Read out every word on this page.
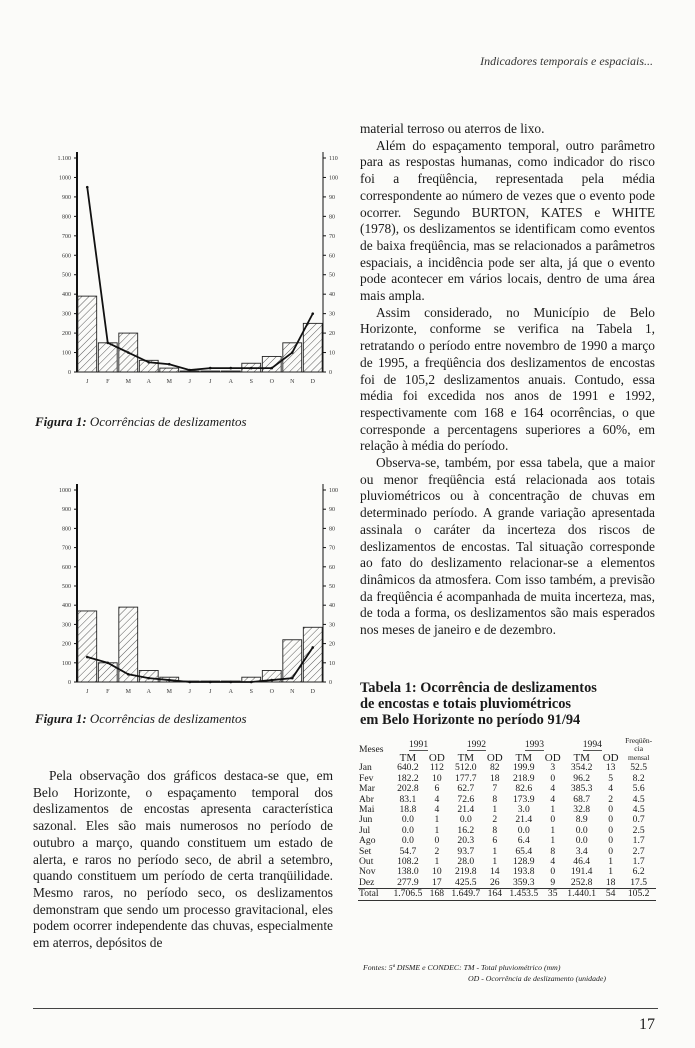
Indicadores temporais e espaciais...
1.100
1000
900
800
700
600
500
400
300
200
100
0
110
100
90
80
70
60
50
40
30
20
10
0
J	F	M	A	M	J	J	A	S	O	N	D
Figura 1: Ocorrências de deslizamentos
1000
900
800
700
600
500
400
300
200
100
0
100
90
80
70
60
50
40
30
20
10
0
J	F	M	A	M	J	J	A	S	O	N	D
Figura 1: Ocorrências de deslizamentos

Pela observação dos gráficos destaca-se que, em Belo Horizonte, o espaçamento temporal dos deslizamentos de encostas apresenta característica sazonal. Eles são mais numerosos no período de outubro a março, quando constituem um estado de alerta, e raros no período seco, de abril a setembro, quando constituem um período de certa tranqüilidade. Mesmo raros, no período seco, os deslizamentos demonstram que sendo um processo gravitacional, eles podem ocorrer independente das chuvas, especialmente em aterros, depósitos de

material terroso ou aterros de lixo.

Além do espaçamento temporal, outro parâmetro para as respostas humanas, como indicador do risco foi a freqüência, representada pela média correspondente ao número de vezes que o evento pode ocorrer. Segundo BURTON, KATES e WHITE (1978), os deslizamentos se identificam como eventos de baixa freqüência, mas se relacionados a parâmetros espaciais, a incidência pode ser alta, já que o evento pode acontecer em vários locais, dentro de uma área mais ampla.

Assim considerado, no Município de Belo Horizonte, conforme se verifica na Tabela 1, retratando o período entre novembro de 1990 a março de 1995, a freqüência dos deslizamentos de encostas foi de 105,2 deslizamentos anuais. Contudo, essa média foi excedida nos anos de 1991 e 1992, respectivamente com 168 e 164 ocorrências, o que corresponde a percentagens superiores a 60%, em relação à média do período.

Observa-se, também, por essa tabela, que a maior ou menor freqüência está relacionada aos totais pluviométricos ou à concentração de chuvas em determinado período. A grande variação apresentada assinala o caráter da incerteza dos riscos de deslizamentos de encostas. Tal situação corresponde ao fato do deslizamento relacionar-se a elementos dinâmicos da atmosfera. Com isso também, a previsão da freqüência é acompanhada de muita incerteza, mas, de toda a forma, os deslizamentos são mais esperados nos meses de janeiro e de dezembro.

Tabela 1: Ocorrência de deslizamentos
de encostas e totais pluviométricos
em Belo Horizonte no período 91/94
Meses	1991		1992		1993		1994		Freqüên-
cia
	TM	OD	TM	OD	TM	OD	TM	OD	mensal
Jan	640.2	112	512.0	82	199.9	3	354.2	13	52.5
Fev	182.2	10	177.7	18	218.9	0	96.2	5	8.2
Mar	202.8	6	62.7	7	82.6	4	385.3	4	5.6
Abr	83.1	4	72.6	8	173.9	4	68.7	2	4.5
Mai	18.8	4	21.4	1	3.0	1	32.8	0	4.5
Jun	0.0	1	0.0	2	21.4	0	8.9	0	0.7
Jul	0.0	1	16.2	8	0.0	1	0.0	0	2.5
Ago	0.0	0	20.3	6	6.4	1	0.0	0	1.7
Set	54.7	2	93.7	1	65.4	8	3.4	0	2.7
Out	108.2	1	28.0	1	128.9	4	46.4	1	1.7
Nov	138.0	10	219.8	14	193.8	0	191.4	1	6.2
Dez	277.9	17	425.5	26	359.3	9	252.8	18	17.5
Total	1.706.5	168	1.649.7	164	1.453.5	35	1.440.1	54	105.2
Fontes: 5ª DISME e CONDEC: TM - Total pluviométrico (mm)
OD - Ocorrência de deslizamento (unidade)
17
